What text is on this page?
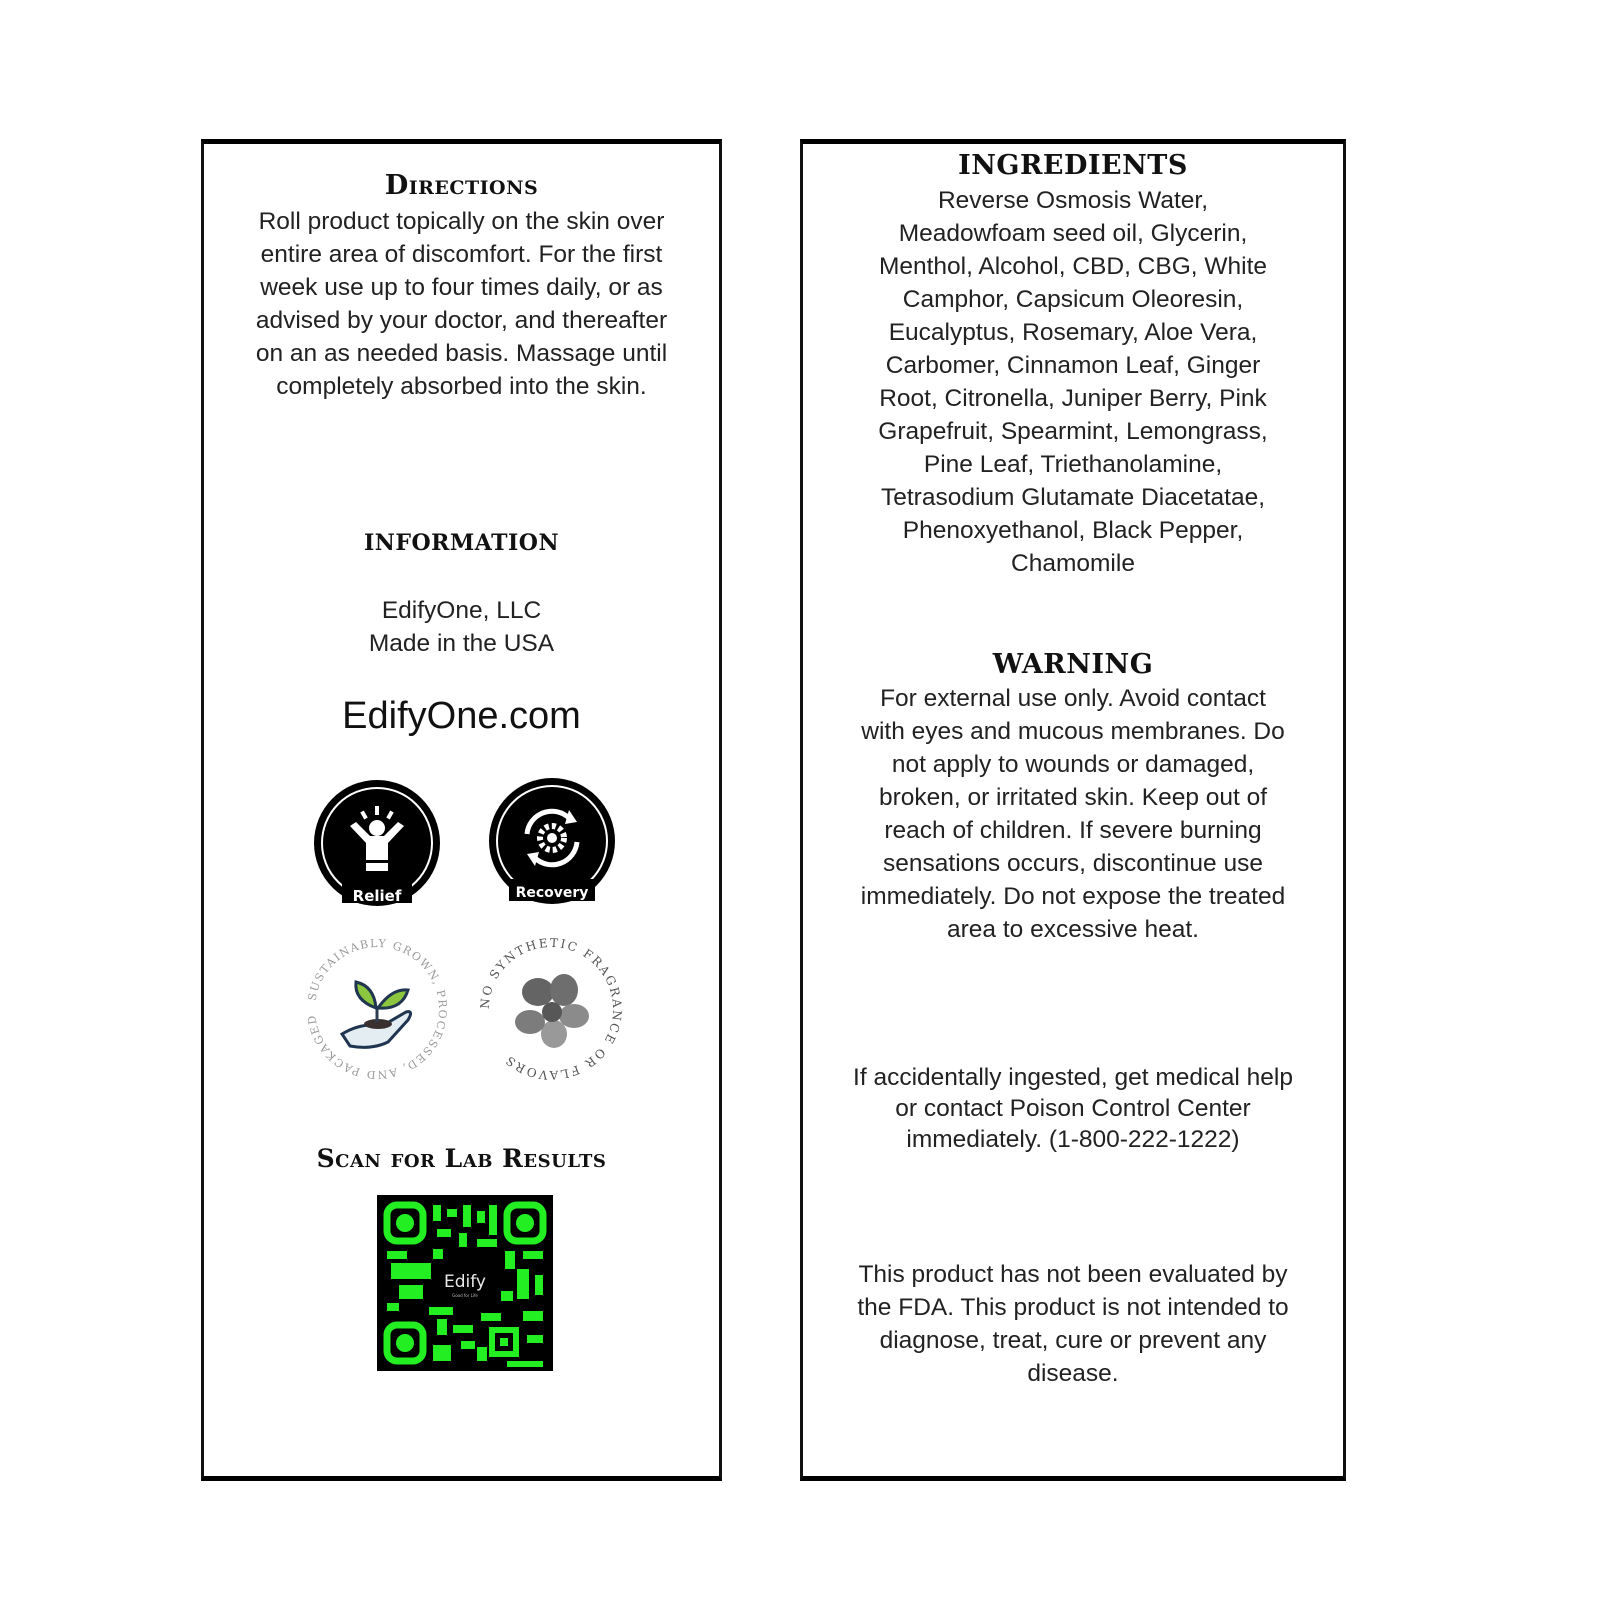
Directions
Roll product topically on the skin over
entire area of discomfort. For the first
week use up to four times daily, or as
advised by your doctor, and thereafter
on an as needed basis. Massage until
completely absorbed into the skin.
INFORMATION
EdifyOne, LLC
Made in the USA
EdifyOne.com
Relief	Recovery
SUSTAINABLY GROWN, PROCESSED, AND PACKAGED
NO SYNTHETIC FRAGRANCE OR FLAVORS
Scan for Lab Results
Edify
Good for Life
INGREDIENTS
Reverse Osmosis Water,
Meadowfoam seed oil, Glycerin,
Menthol, Alcohol, CBD, CBG, White
Camphor, Capsicum Oleoresin,
Eucalyptus, Rosemary, Aloe Vera,
Carbomer, Cinnamon Leaf, Ginger
Root, Citronella, Juniper Berry, Pink
Grapefruit, Spearmint, Lemongrass,
Pine Leaf, Triethanolamine,
Tetrasodium Glutamate Diacetatae,
Phenoxyethanol, Black Pepper,
Chamomile
WARNING
For external use only. Avoid contact
with eyes and mucous membranes. Do
not apply to wounds or damaged,
broken, or irritated skin. Keep out of
reach of children. If severe burning
sensations occurs, discontinue use
immediately. Do not expose the treated
area to excessive heat.
If accidentally ingested, get medical help
or contact Poison Control Center
immediately. (1-800-222-1222)
This product has not been evaluated by
the FDA. This product is not intended to
diagnose, treat, cure or prevent any
disease.
